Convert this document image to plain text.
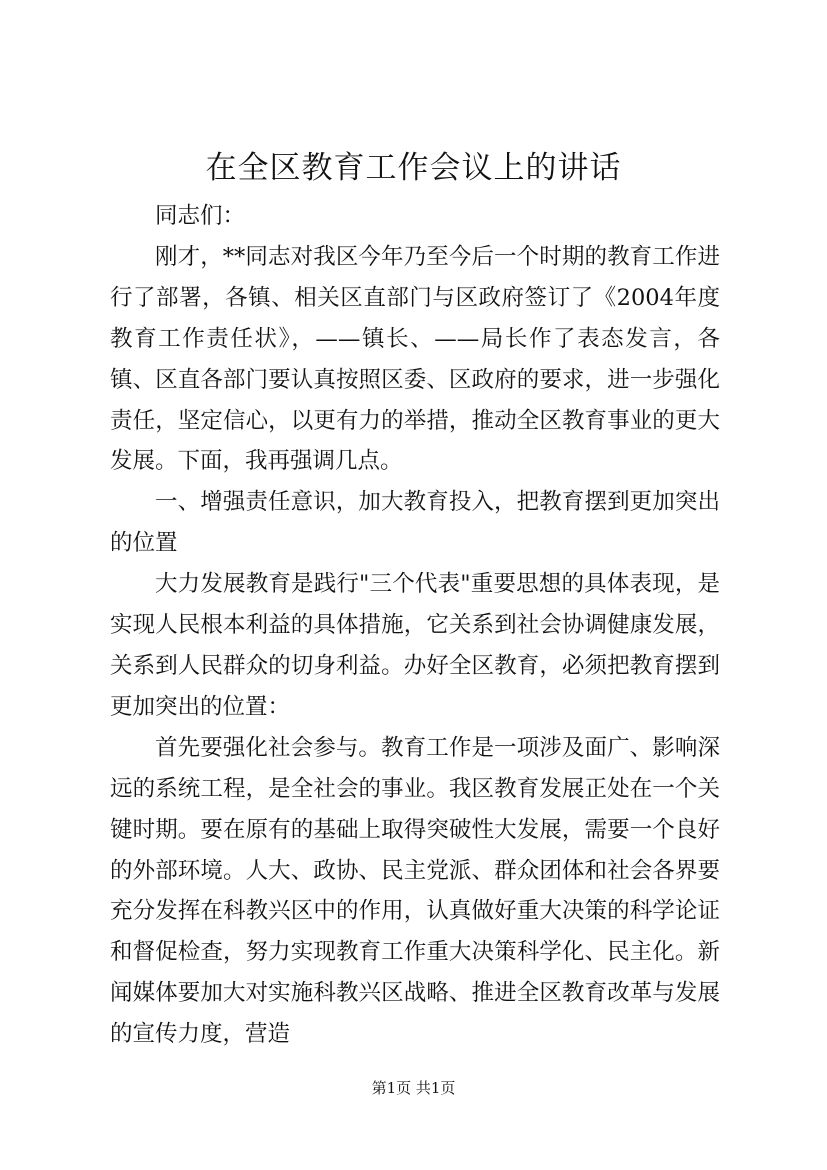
在全区教育工作会议上的讲话

同志们：

刚才，**同志对我区今年乃至今后一个时期的教育工作进行了部署，各镇、相关区直部门与区政府签订了《2004年度教育工作责任状》，——镇长、——局长作了表态发言，各镇、区直各部门要认真按照区委、区政府的要求，进一步强化责任，坚定信心，以更有力的举措，推动全区教育事业的更大发展。下面，我再强调几点。

一、增强责任意识，加大教育投入，把教育摆到更加突出的位置

大力发展教育是践行"三个代表"重要思想的具体表现，是实现人民根本利益的具体措施，它关系到社会协调健康发展，关系到人民群众的切身利益。办好全区教育，必须把教育摆到更加突出的位置：

首先要强化社会参与。教育工作是一项涉及面广、影响深远的系统工程，是全社会的事业。我区教育发展正处在一个关键时期。要在原有的基础上取得突破性大发展，需要一个良好的外部环境。人大、政协、民主党派、群众团体和社会各界要充分发挥在科教兴区中的作用，认真做好重大决策的科学论证和督促检查，努力实现教育工作重大决策科学化、民主化。新闻媒体要加大对实施科教兴区战略、推进全区教育改革与发展的宣传力度，营造

第1页 共1页
